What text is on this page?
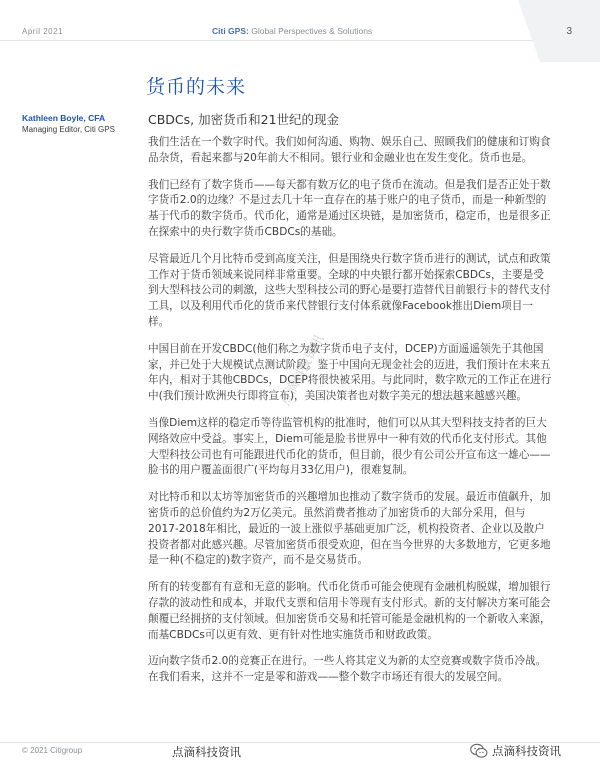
April 2021	Citi GPS: Global Perspectives & Solutions	3
货币的未来
Kathleen Boyle, CFA
Managing Editor, Citi GPS
CBDCs, 加密货币和21世纪的现金

我们生活在一个数字时代。我们如何沟通、购物、娱乐自己、照顾我们的健康和订购食品杂货，看起来都与20年前大不相同。银行业和金融业也在发生变化。货币也是。

我们已经有了数字货币——每天都有数万亿的电子货币在流动。但是我们是否正处于数字货币2.0的边缘？不是过去几十年一直存在的基于账户的电子货币，而是一种新型的基于代币的数字货币。代币化，通常是通过区块链，是加密货币，稳定币，也是很多正在探索中的央行数字货币CBDCs的基础。

尽管最近几个月比特币受到高度关注，但是围绕央行数字货币进行的测试，试点和政策工作对于货币领域来说同样非常重要。全球的中央银行都开始探索CBDCs，主要是受到大型科技公司的刺激，这些大型科技公司的野心是要打造替代目前银行卡的替代支付工具，以及利用代币化的货币来代替银行支付体系就像Facebook推出Diem项目一样。

中国目前在开发CBDC(他们称之为数字货币电子支付，DCEP)方面遥遥领先于其他国家，并已处于大规模试点测试阶段。鉴于中国向无现金社会的迈进，我们预计在未来五年内，相对于其他CBDCs，DCEP将很快被采用。与此同时，数字欧元的工作正在进行中(我们预计欧洲央行即将宣布)，美国决策者也对数字美元的想法越来越感兴趣。

当像Diem这样的稳定币等待监管机构的批准时，他们可以从其大型科技支持者的巨大网络效应中受益。事实上，Diem可能是脸书世界中一种有效的代币化支付形式。其他大型科技公司也有可能跟进代币化的货币，但目前，很少有公司公开宣布这一雄心——脸书的用户覆盖面很广(平均每月33亿用户)，很难复制。

对比特币和以太坊等加密货币的兴趣增加也推动了数字货币的发展。最近市值飙升，加密货币的总价值约为2万亿美元。虽然消费者推动了加密货币的大部分采用，但与2017-2018年相比，最近的一波上涨似乎基础更加广泛，机构投资者、企业以及散户投资者都对此感兴趣。尽管加密货币很受欢迎，但在当今世界的大多数地方，它更多地是一种(不稳定的)数字资产，而不是交易货币。

所有的转变都有有意和无意的影响。代币化货币可能会使现有金融机构脱媒，增加银行存款的波动性和成本，并取代支票和信用卡等现有支付形式。新的支付解决方案可能会颠覆已经拥挤的支付领域。但加密货币交易和托管可能是金融机构的一个新收入来源，而基CBDCs可以更有效、更有针对性地实施货币和财政政策。

迈向数字货币2.0的竞赛正在进行。一些人将其定义为新的太空竞赛或数字货币冷战。在我们看来，这并不一定是零和游戏——整个数字市场还有很大的发展空间。

点滴科技资讯
© 2021 Citigroup	点滴科技资讯	点滴科技资讯
